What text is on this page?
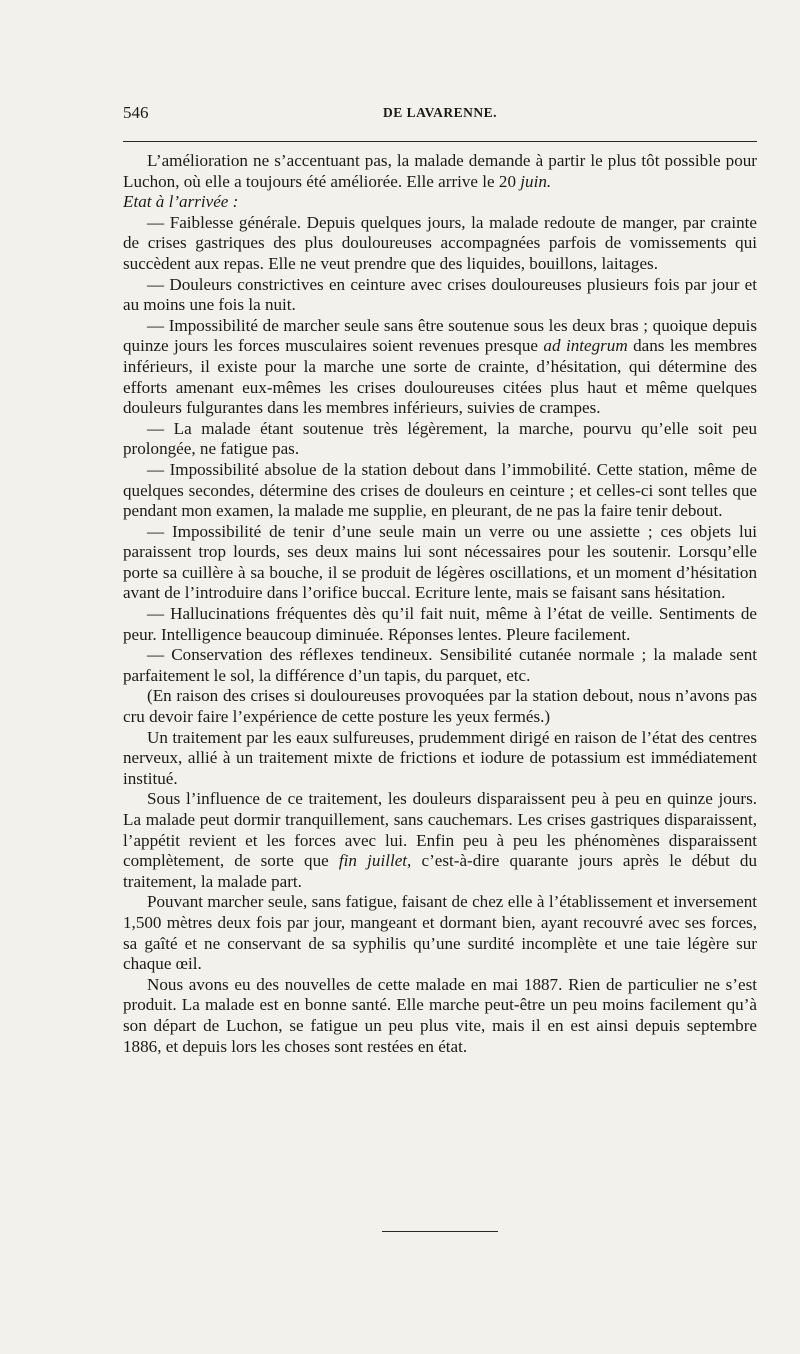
546	DE LAVARENNE.

L’amélioration ne s’accentuant pas, la malade demande à partir le plus tôt possible pour Luchon, où elle a toujours été améliorée. Elle arrive le 20 juin.

Etat à l’arrivée :

— Faiblesse générale. Depuis quelques jours, la malade redoute de manger, par crainte de crises gastriques des plus douloureuses accompagnées parfois de vomissements qui succèdent aux repas. Elle ne veut prendre que des liquides, bouillons, laitages.

— Douleurs constrictives en ceinture avec crises douloureuses plusieurs fois par jour et au moins une fois la nuit.

— Impossibilité de marcher seule sans être soutenue sous les deux bras ; quoique depuis quinze jours les forces musculaires soient revenues presque ad integrum dans les membres inférieurs, il existe pour la marche une sorte de crainte, d’hésitation, qui détermine des efforts amenant eux-mêmes les crises douloureuses citées plus haut et même quelques douleurs fulgurantes dans les membres inférieurs, suivies de crampes.

— La malade étant soutenue très légèrement, la marche, pourvu qu’elle soit peu prolongée, ne fatigue pas.

— Impossibilité absolue de la station debout dans l’immobilité. Cette station, même de quelques secondes, détermine des crises de douleurs en ceinture ; et celles-ci sont telles que pendant mon examen, la malade me supplie, en pleurant, de ne pas la faire tenir debout.

— Impossibilité de tenir d’une seule main un verre ou une assiette ; ces objets lui paraissent trop lourds, ses deux mains lui sont nécessaires pour les soutenir. Lorsqu’elle porte sa cuillère à sa bouche, il se produit de légères oscillations, et un moment d’hésitation avant de l’introduire dans l’orifice buccal. Ecriture lente, mais se faisant sans hésitation.

— Hallucinations fréquentes dès qu’il fait nuit, même à l’état de veille. Sentiments de peur. Intelligence beaucoup diminuée. Réponses lentes. Pleure facilement.

— Conservation des réflexes tendineux. Sensibilité cutanée normale ; la malade sent parfaitement le sol, la différence d’un tapis, du parquet, etc.

(En raison des crises si douloureuses provoquées par la station debout, nous n’avons pas cru devoir faire l’expérience de cette posture les yeux fermés.)

Un traitement par les eaux sulfureuses, prudemment dirigé en raison de l’état des centres nerveux, allié à un traitement mixte de frictions et iodure de potassium est immédiatement institué.

Sous l’influence de ce traitement, les douleurs disparaissent peu à peu en quinze jours. La malade peut dormir tranquillement, sans cauchemars. Les crises gastriques disparaissent, l’appétit revient et les forces avec lui. Enfin peu à peu les phénomènes disparaissent complètement, de sorte que fin juillet, c’est-à-dire quarante jours après le début du traitement, la malade part.

Pouvant marcher seule, sans fatigue, faisant de chez elle à l’établissement et inversement 1,500 mètres deux fois par jour, mangeant et dormant bien, ayant recouvré avec ses forces, sa gaîté et ne conservant de sa syphilis qu’une surdité incomplète et une taie légère sur chaque œil.

Nous avons eu des nouvelles de cette malade en mai 1887. Rien de particulier ne s’est produit. La malade est en bonne santé. Elle marche peut-être un peu moins facilement qu’à son départ de Luchon, se fatigue un peu plus vite, mais il en est ainsi depuis septembre 1886, et depuis lors les choses sont restées en état.
